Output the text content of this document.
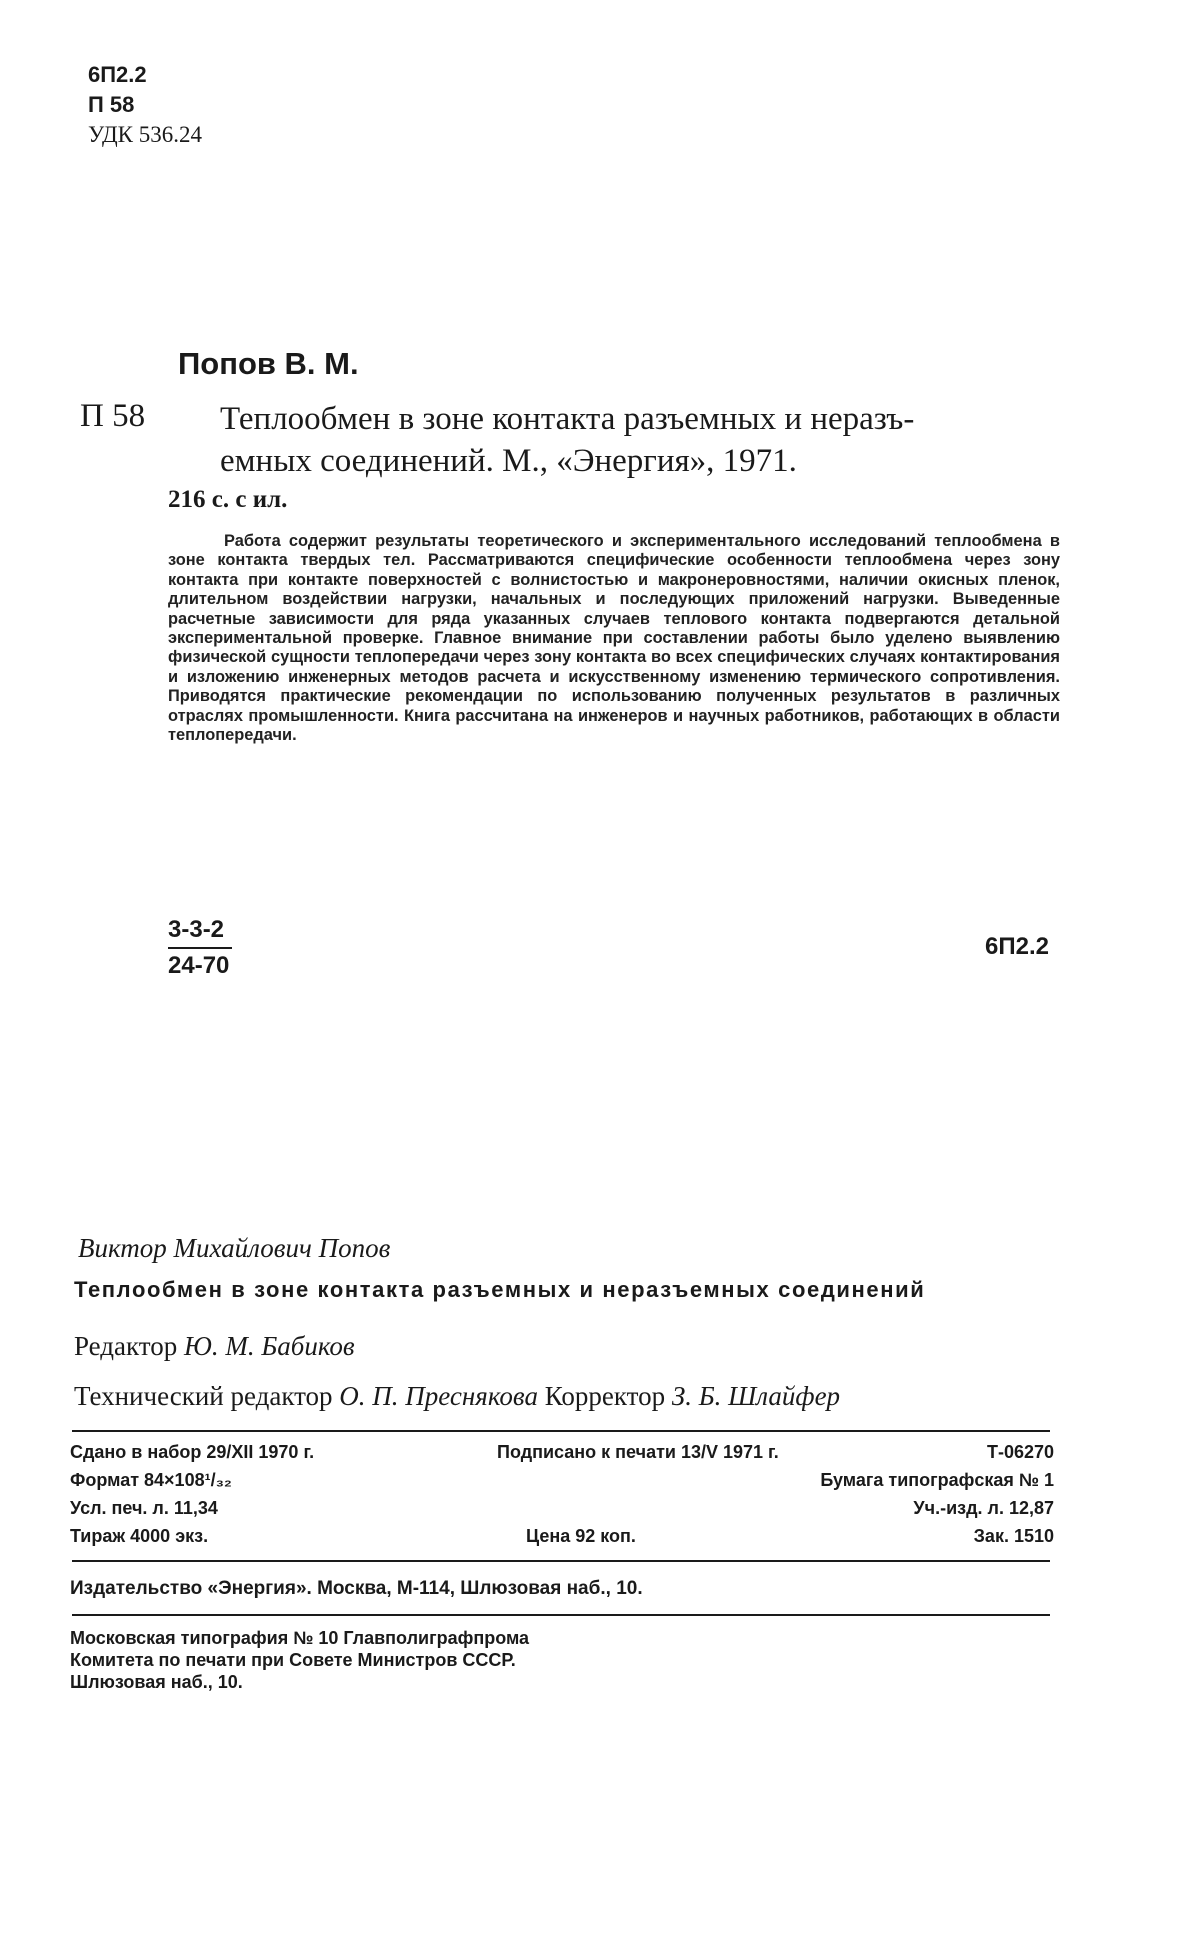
6П2.2
П 58
УДК 536.24
Попов В. М.
П 58 Теплообмен в зоне контакта разъемных и неразъ-
емных соединений. М., «Энергия», 1971.
216 с. с ил.
Работа содержит результаты теоретического и экспериментального исследований теплообмена в зоне контакта твердых тел. Рассматриваются специфические особенности теплообмена через зону контакта при контакте поверхностей с волнистостью и макронеровностями, наличии окисных пленок, длительном воздействии нагрузки, начальных и последующих приложений нагрузки. Выведенные расчетные зависимости для ряда указанных случаев теплового контакта подвергаются детальной экспериментальной проверке. Главное внимание при составлении работы было уделено выявлению физической сущности теплопередачи через зону контакта во всех специфических случаях контактирования и изложению инженерных методов расчета и искусственному изменению термического сопротивления. Приводятся практические рекомендации по использованию полученных результатов в различных отраслях промышленности. Книга рассчитана на инженеров и научных работников, работающих в области теплопередачи.
3-3-2
24-70
6П2.2
Виктор Михайлович Попов
Теплообмен в зоне контакта разъемных и неразъемных соединений
Редактор Ю. М. Бабиков
Технический редактор О. П. Преснякова Корректор З. Б. Шлайфер
Сдано в набор 29/XII 1970 г.	Подписано к печати 13/V 1971 г.	Т-06270
Формат 84×108¹/₃₂	Бумага типографская № 1
Усл. печ. л. 11,34	Уч.-изд. л. 12,87
Тираж 4000 экз.	Цена 92 коп.	Зак. 1510
Издательство «Энергия». Москва, М-114, Шлюзовая наб., 10.
Московская типография № 10 Главполиграфпрома
Комитета по печати при Совете Министров СССР.
Шлюзовая наб., 10.
